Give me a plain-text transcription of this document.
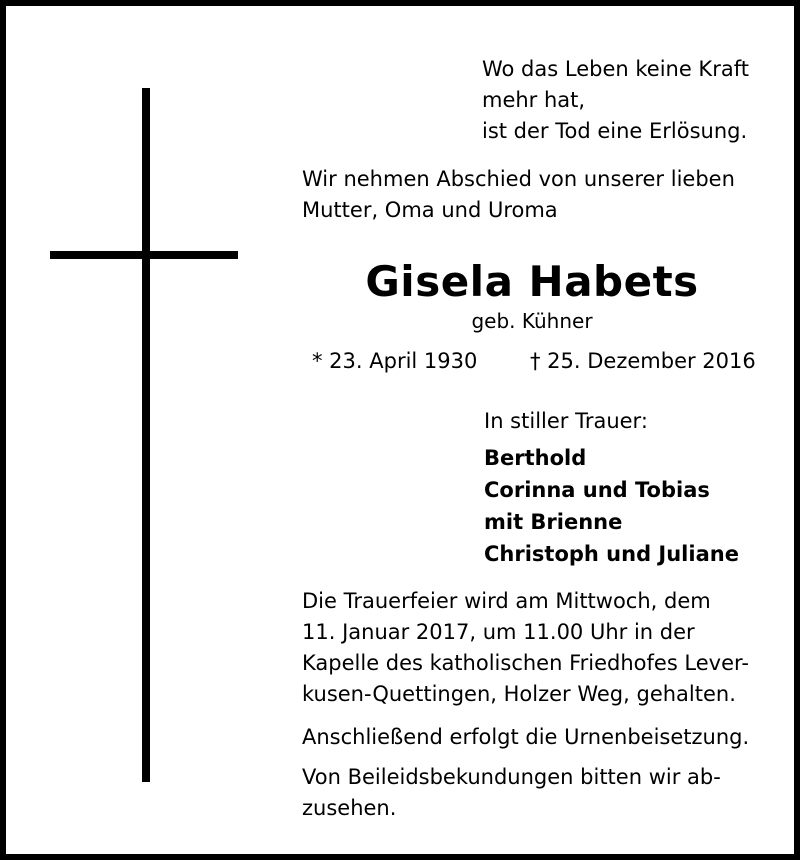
Wo das Leben keine Kraft
mehr hat,
ist der Tod eine Erlösung.
Wir nehmen Abschied von unserer lieben
Mutter, Oma und Uroma
Gisela Habets
geb. Kühner
* 23. April 1930	† 25. Dezember 2016
In stiller Trauer:
Berthold
Corinna und Tobias
mit Brienne
Christoph und Juliane
Die Trauerfeier wird am Mittwoch, dem
11. Januar 2017, um 11.00 Uhr in der
Kapelle des katholischen Friedhofes Lever-
kusen-Quettingen, Holzer Weg, gehalten.
Anschließend erfolgt die Urnenbeisetzung.
Von Beileidsbekundungen bitten wir ab-
zusehen.
